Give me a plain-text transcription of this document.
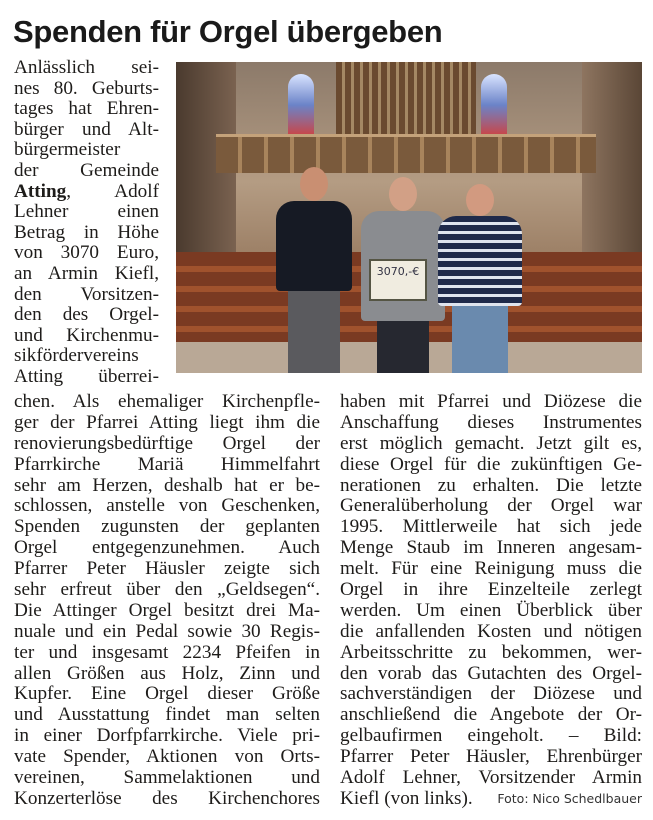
Spenden für Orgel übergeben
Anlässlich sei-
nes 80. Geburts-
tages hat Ehren-
bürger und Alt-
bürgermeister
der Gemeinde
Atting, Adolf
Lehner einen
Betrag in Höhe
von 3070 Euro,
an Armin Kiefl,
den Vorsitzen-
den des Orgel-
und Kirchenmu-
sikfördervereins
Atting überrei-
3070,-€
chen. Als ehemaliger Kirchenpfle-
ger der Pfarrei Atting liegt ihm die
renovierungsbedürftige Orgel der
Pfarrkirche Mariä Himmelfahrt
sehr am Herzen, deshalb hat er be-
schlossen, anstelle von Geschenken,
Spenden zugunsten der geplanten
Orgel entgegenzunehmen. Auch
Pfarrer Peter Häusler zeigte sich
sehr erfreut über den „Geldsegen“.
Die Attinger Orgel besitzt drei Ma-
nuale und ein Pedal sowie 30 Regis-
ter und insgesamt 2234 Pfeifen in
allen Größen aus Holz, Zinn und
Kupfer. Eine Orgel dieser Größe
und Ausstattung findet man selten
in einer Dorfpfarrkirche. Viele pri-
vate Spender, Aktionen von Orts-
vereinen, Sammelaktionen und
Konzerterlöse des Kirchenchores
haben mit Pfarrei und Diözese die
Anschaffung dieses Instrumentes
erst möglich gemacht. Jetzt gilt es,
diese Orgel für die zukünftigen Ge-
nerationen zu erhalten. Die letzte
Generalüberholung der Orgel war
1995. Mittlerweile hat sich jede
Menge Staub im Inneren angesam-
melt. Für eine Reinigung muss die
Orgel in ihre Einzelteile zerlegt
werden. Um einen Überblick über
die anfallenden Kosten und nötigen
Arbeitsschritte zu bekommen, wer-
den vorab das Gutachten des Orgel-
sachverständigen der Diözese und
anschließend die Angebote der Or-
gelbaufirmen eingeholt. – Bild:
Pfarrer Peter Häusler, Ehrenbürger
Adolf Lehner, Vorsitzender Armin
Kiefl (von links). Foto: Nico Schedlbauer
